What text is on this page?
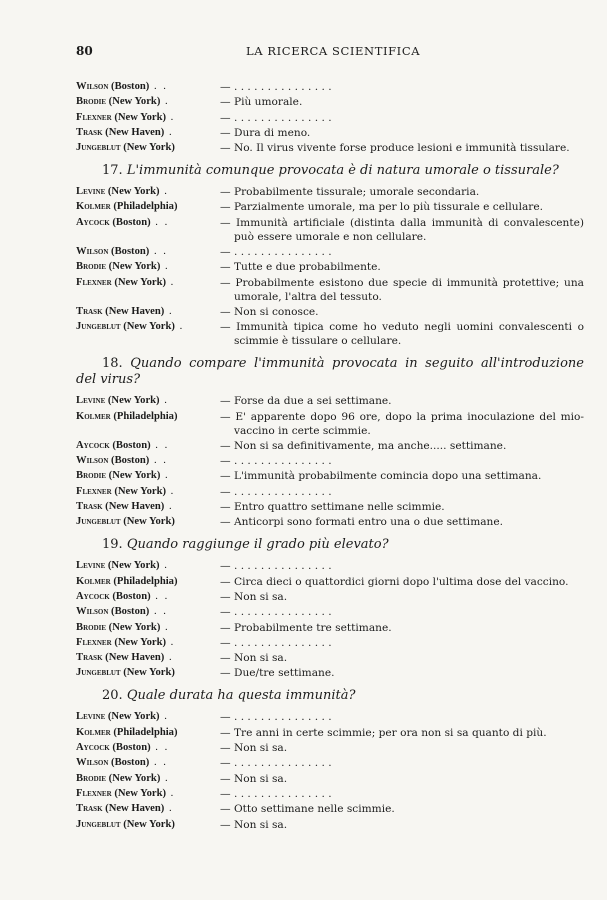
80	LA RICERCA SCIENTIFICA
Wilson (Boston) . .	— . . . . . . . . . . . . . . .
Brodie (New York) .	— Più umorale.
Flexner (New York) .	— . . . . . . . . . . . . . . .
Trask (New Haven) .	— Dura di meno.
Jungeblut (New York)	— No. Il virus vivente forse produce lesioni e immunità tissulare.
17. L'immunità comunque provocata è di natura umorale o tissurale?
Levine (New York) .	— Probabilmente tissurale; umorale secondaria.
Kolmer (Philadelphia)	— Parzialmente umorale, ma per lo più tissurale e cellulare.
Aycock (Boston) . .	— Immunità artificiale (distinta dalla immunità di convalescente) può essere umorale e non cellulare.
Wilson (Boston) . .	— . . . . . . . . . . . . . . .
Brodie (New York) .	— Tutte e due probabilmente.
Flexner (New York) .	— Probabilmente esistono due specie di immunità protettive; una umorale, l'altra del tessuto.
Trask (New Haven) .	— Non si conosce.
Jungeblut (New York) .	— Immunità tipica come ho veduto negli uomini convalescenti o scimmie è tissulare o cellulare.
18. Quando compare l'immunità provocata in seguito all'introduzione del virus?
Levine (New York) .	— Forse da due a sei settimane.
Kolmer (Philadelphia)	— E' apparente dopo 96 ore, dopo la prima inoculazione del mio-vaccino in certe scimmie.
Aycock (Boston) . .	— Non si sa definitivamente, ma anche..... settimane.
Wilson (Boston) . .	— . . . . . . . . . . . . . . .
Brodie (New York) .	— L'immunità probabilmente comincia dopo una settimana.
Flexner (New York) .	— . . . . . . . . . . . . . . .
Trask (New Haven) .	— Entro quattro settimane nelle scimmie.
Jungeblut (New York)	— Anticorpi sono formati entro una o due settimane.
19. Quando raggiunge il grado più elevato?
Levine (New York) .	— . . . . . . . . . . . . . . .
Kolmer (Philadelphia)	— Circa dieci o quattordici giorni dopo l'ultima dose del vaccino.
Aycock (Boston) . .	— Non si sa.
Wilson (Boston) . .	— . . . . . . . . . . . . . . .
Brodie (New York) .	— Probabilmente tre settimane.
Flexner (New York) .	— . . . . . . . . . . . . . . .
Trask (New Haven) .	— Non si sa.
Jungeblut (New York)	— Due/tre settimane.
20. Quale durata ha questa immunità?
Levine (New York) .	— . . . . . . . . . . . . . . .
Kolmer (Philadelphia)	— Tre anni in certe scimmie; per ora non si sa quanto di più.
Aycock (Boston) . .	— Non si sa.
Wilson (Boston) . .	— . . . . . . . . . . . . . . .
Brodie (New York) .	— Non si sa.
Flexner (New York) .	— . . . . . . . . . . . . . . .
Trask (New Haven) .	— Otto settimane nelle scimmie.
Jungeblut (New York)	— Non si sa.
